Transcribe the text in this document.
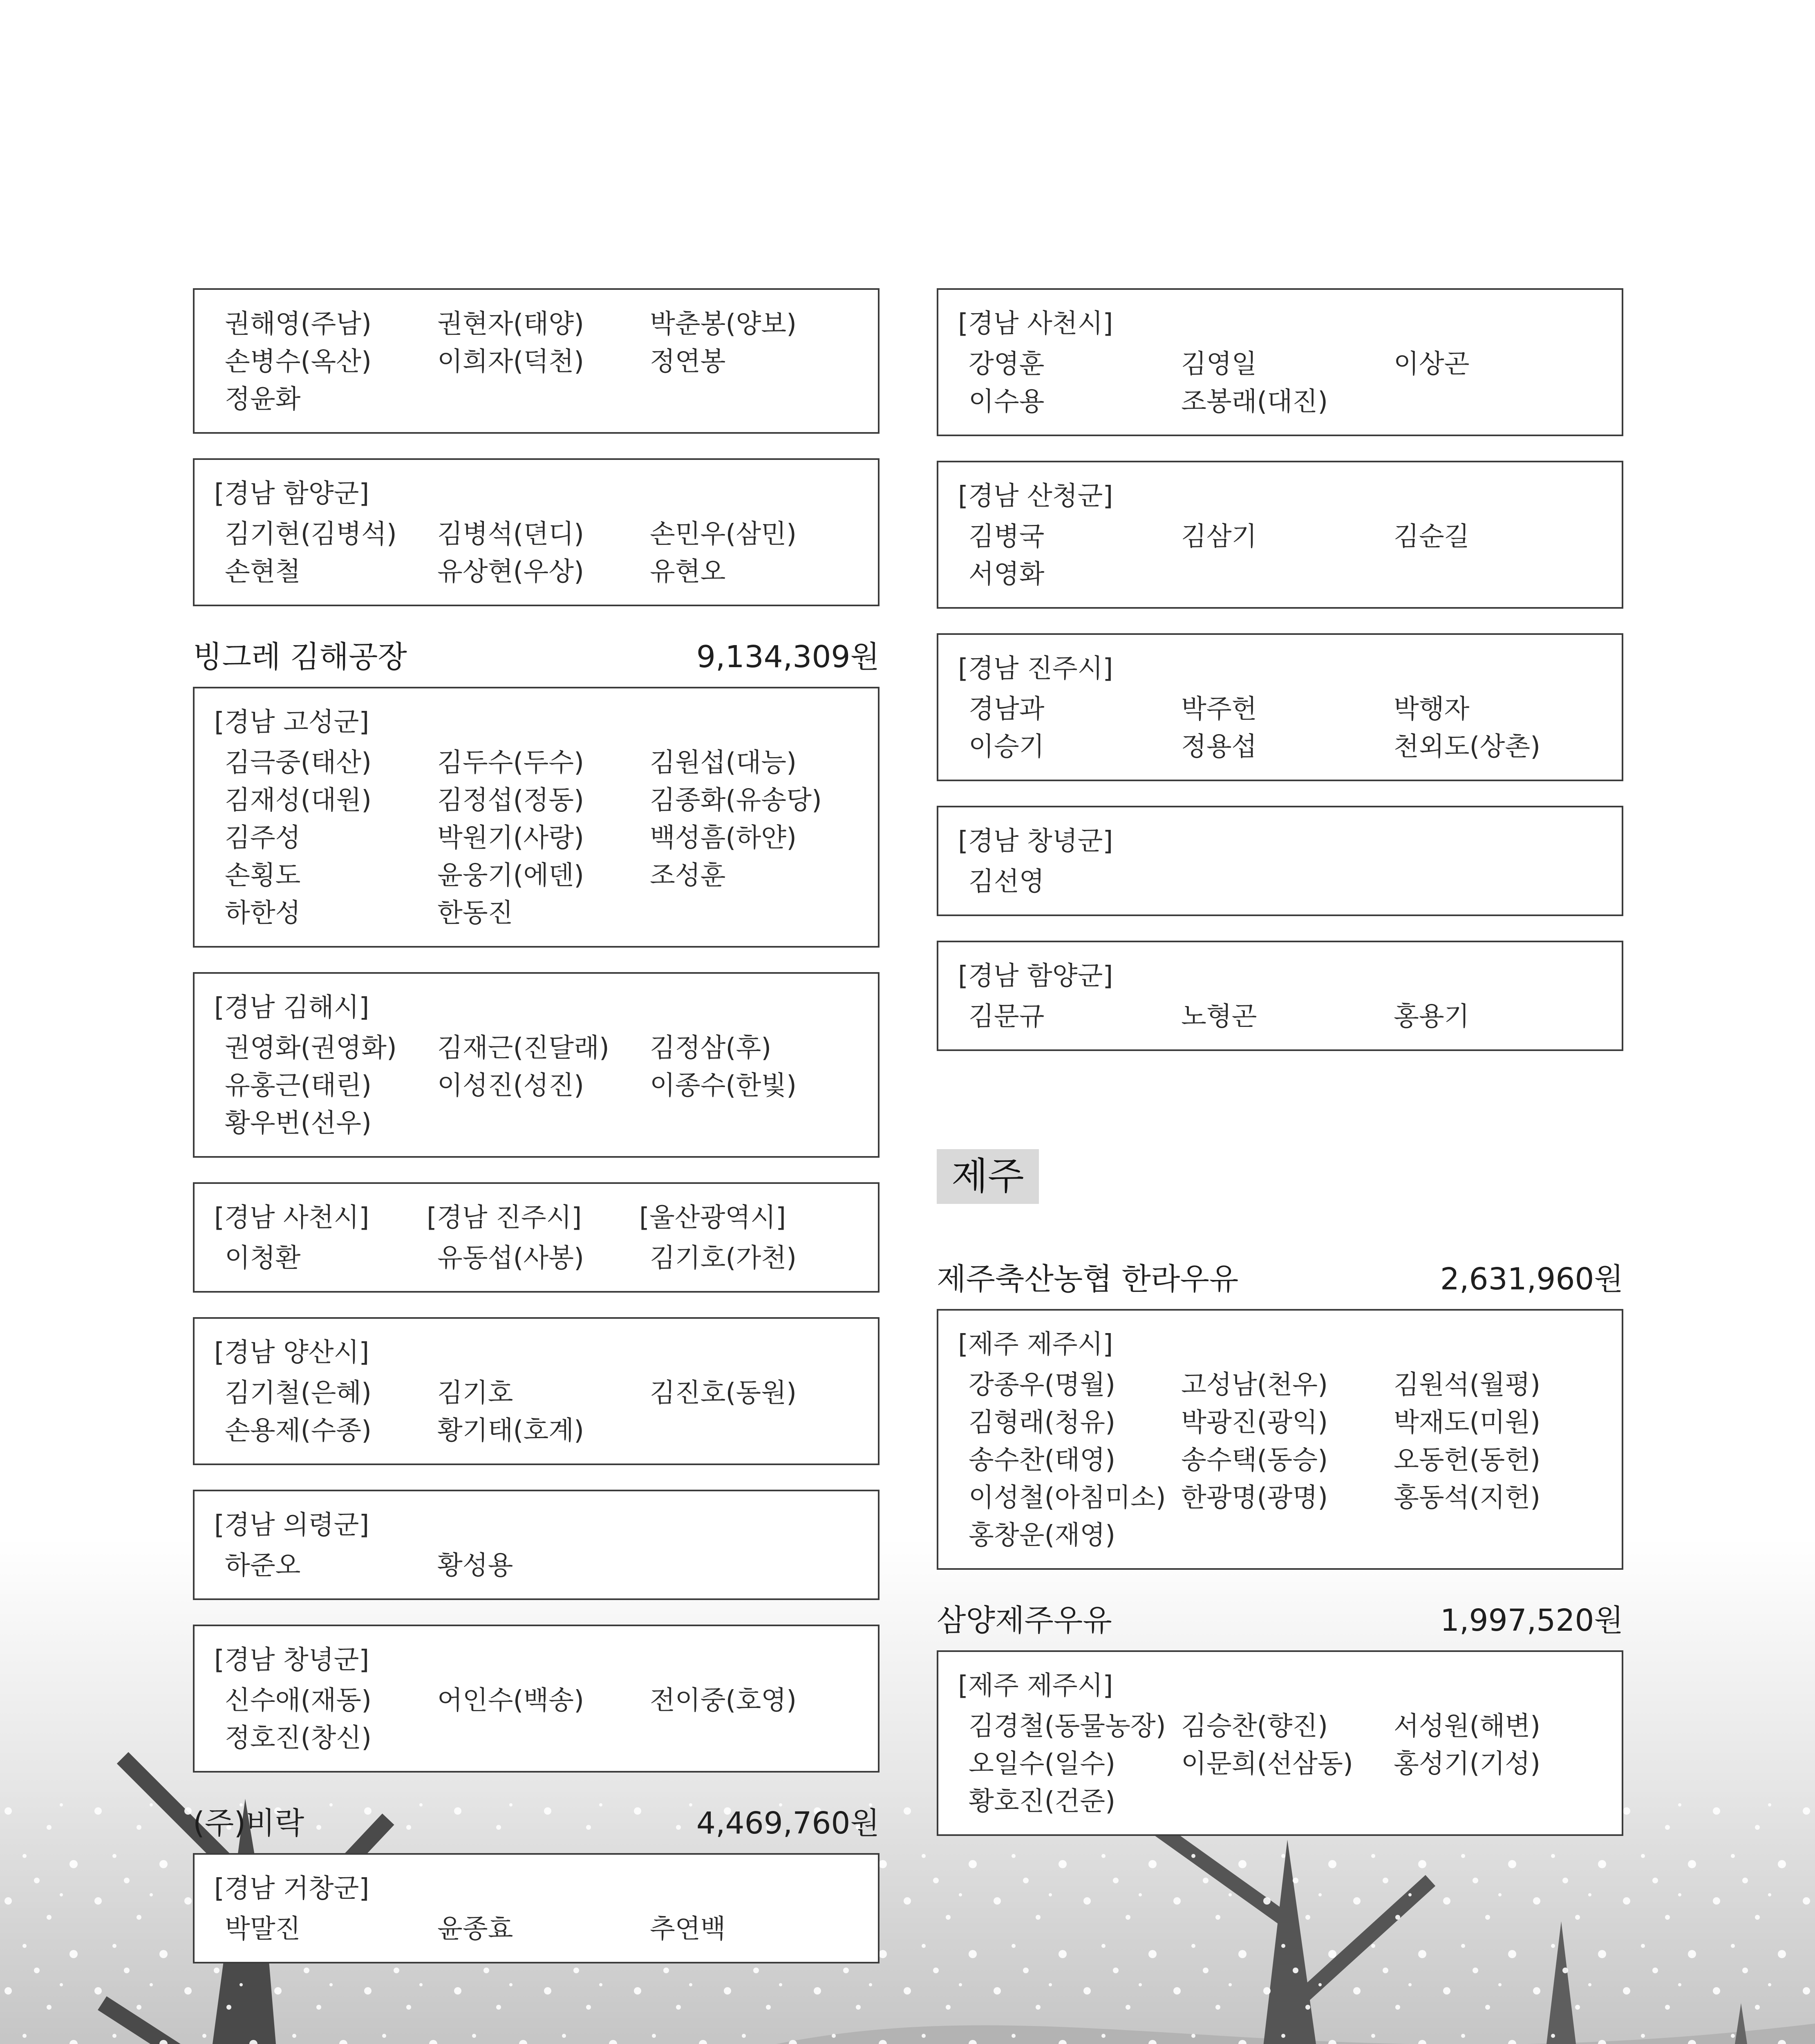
권해영(주남)	권현자(태양)	박춘봉(양보)
손병수(옥산)	이희자(덕천)	정연봉
정윤화
[경남 함양군]
김기현(김병석)	김병석(뎐디)	손민우(삼민)
손현철	유상현(우상)	유현오
빙그레 김해공장	9,134,309원
[경남 고성군]
김극중(태산)	김두수(두수)	김원섭(대능)
김재성(대원)	김정섭(정동)	김종화(유송당)
김주성	박원기(사랑)	백성흠(하얀)
손횡도	윤웅기(에덴)	조성훈
하한성	한동진
[경남 김해시]
권영화(권영화)	김재근(진달래)	김정삼(후)
유홍근(태린)	이성진(성진)	이종수(한빛)
황우번(선우)
[경남 사천시]	[경남 진주시]	[울산광역시]
이청환	유동섭(사봉)	김기호(가천)
[경남 양산시]
김기철(은혜)	김기호	김진호(동원)
손용제(수종)	황기태(호계)
[경남 의령군]
하준오	황성용
[경남 창녕군]
신수애(재동)	어인수(백송)	전이중(호영)
정호진(창신)
(주)비락	4,469,760원
[경남 거창군]
박말진	윤종효	추연백
[경남 사천시]
강영훈	김영일	이상곤
이수용	조봉래(대진)
[경남 산청군]
김병국	김삼기	김순길
서영화
[경남 진주시]
경남과	박주헌	박행자
이승기	정용섭	천외도(상촌)
[경남 창녕군]
김선영
[경남 함양군]
김문규	노형곤	홍용기
제주
제주축산농협 한라우유	2,631,960원
[제주 제주시]
강종우(명월)	고성남(천우)	김원석(월평)
김형래(청유)	박광진(광익)	박재도(미원)
송수찬(태영)	송수택(동승)	오동헌(동헌)
이성철(아침미소) 한광명(광명)	홍동석(지헌)
홍창운(재영)
삼양제주우유	1,997,520원
[제주 제주시]
김경철(동물농장) 김승찬(향진)	서성원(해변)
오일수(일수)	이문희(선삼동)	홍성기(기성)
황호진(건준)
